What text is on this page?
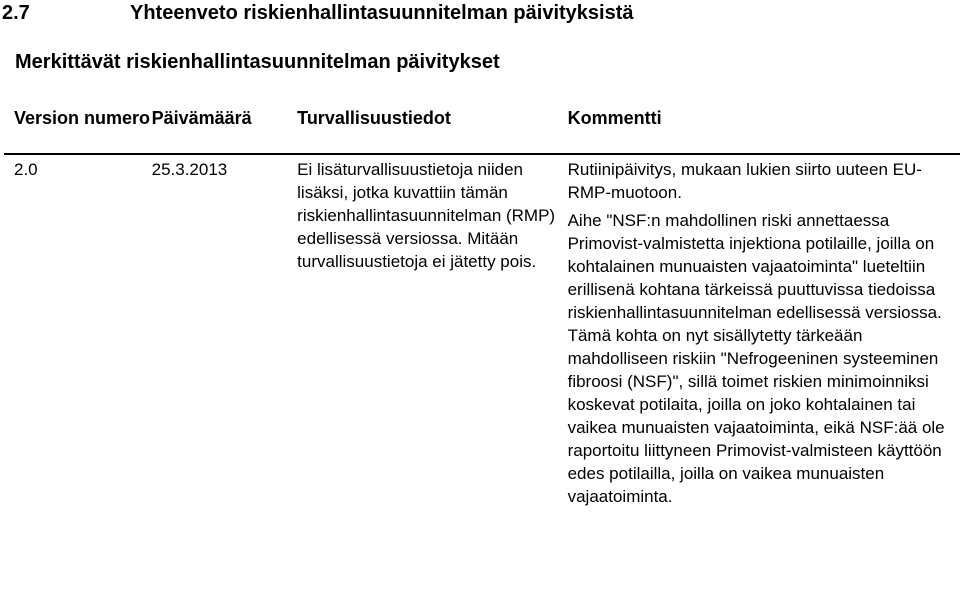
2.7	Yhteenveto riskienhallintasuunnitelman päivityksistä
Merkittävät riskienhallintasuunnitelman päivitykset
Version numero	Päivämäärä	Turvallisuustiedot	Kommentti
2.0	25.3.2013	Ei lisäturvallisuustietoja niiden lisäksi, jotka kuvattiin tämän riskienhallintasuunnitelman (RMP) edellisessä versiossa. Mitään turvallisuustietoja ei jätetty pois.	Rutiinipäivitys, mukaan lukien siirto uuteen EU-RMP-muotoon.
Aihe "NSF:n mahdollinen riski annettaessa Primovist-valmistetta injektiona potilaille, joilla on kohtalainen munuaisten vajaatoiminta" lueteltiin erillisenä kohtana tärkeissä puuttuvissa tiedoissa riskienhallintasuunnitelman edellisessä versiossa. Tämä kohta on nyt sisällytetty tärkeään mahdolliseen riskiin "Nefrogeeninen systeeminen fibroosi (NSF)", sillä toimet riskien minimoinniksi koskevat potilaita, joilla on joko kohtalainen tai vaikea munuaisten vajaatoiminta, eikä NSF:ää ole raportoitu liittyneen Primovist-valmisteen käyttöön edes potilailla, joilla on vaikea munuaisten vajaatoiminta.
